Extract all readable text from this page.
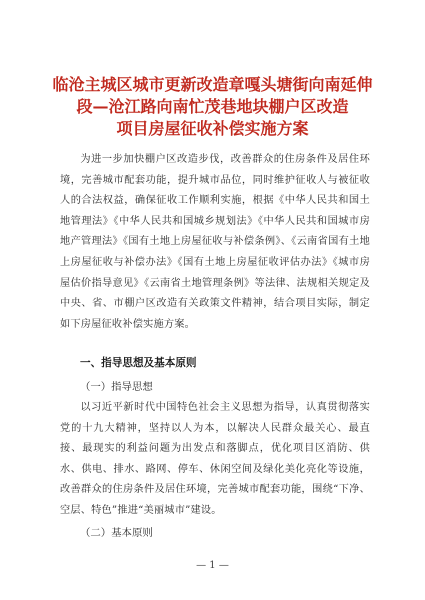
临沧主城区城市更新改造章嘎头塘街向南延伸
段—沧江路向南忙茂巷地块棚户区改造
项目房屋征收补偿实施方案
为进一步加快棚户区改造步伐，改善群众的住房条件及居住环境，完善城市配套功能，提升城市品位，同时维护征收人与被征收人的合法权益，确保征收工作顺利实施，根据《中华人民共和国土地管理法》《中华人民共和国城乡规划法》《中华人民共和国城市房地产管理法》《国有土地上房屋征收与补偿条例》、《云南省国有土地上房屋征收与补偿办法》《国有土地上房屋征收评估办法》《城市房屋估价指导意见》《云南省土地管理条例》等法律、法规相关规定及中央、省、市棚户区改造有关政策文件精神，结合项目实际，制定如下房屋征收补偿实施方案。
一、指导思想及基本原则
（一）指导思想
以习近平新时代中国特色社会主义思想为指导，认真贯彻落实党的十九大精神，坚持以人为本，以解决人民群众最关心、最直接、最现实的利益问题为出发点和落脚点，优化项目区消防、供水、供电、排水、路网、停车、休闲空间及绿化美化亮化等设施，改善群众的住房条件及居住环境，完善城市配套功能，围绕“下净、空层、特色”推进“美丽城市”建设。
（二）基本原则
— 1 —
